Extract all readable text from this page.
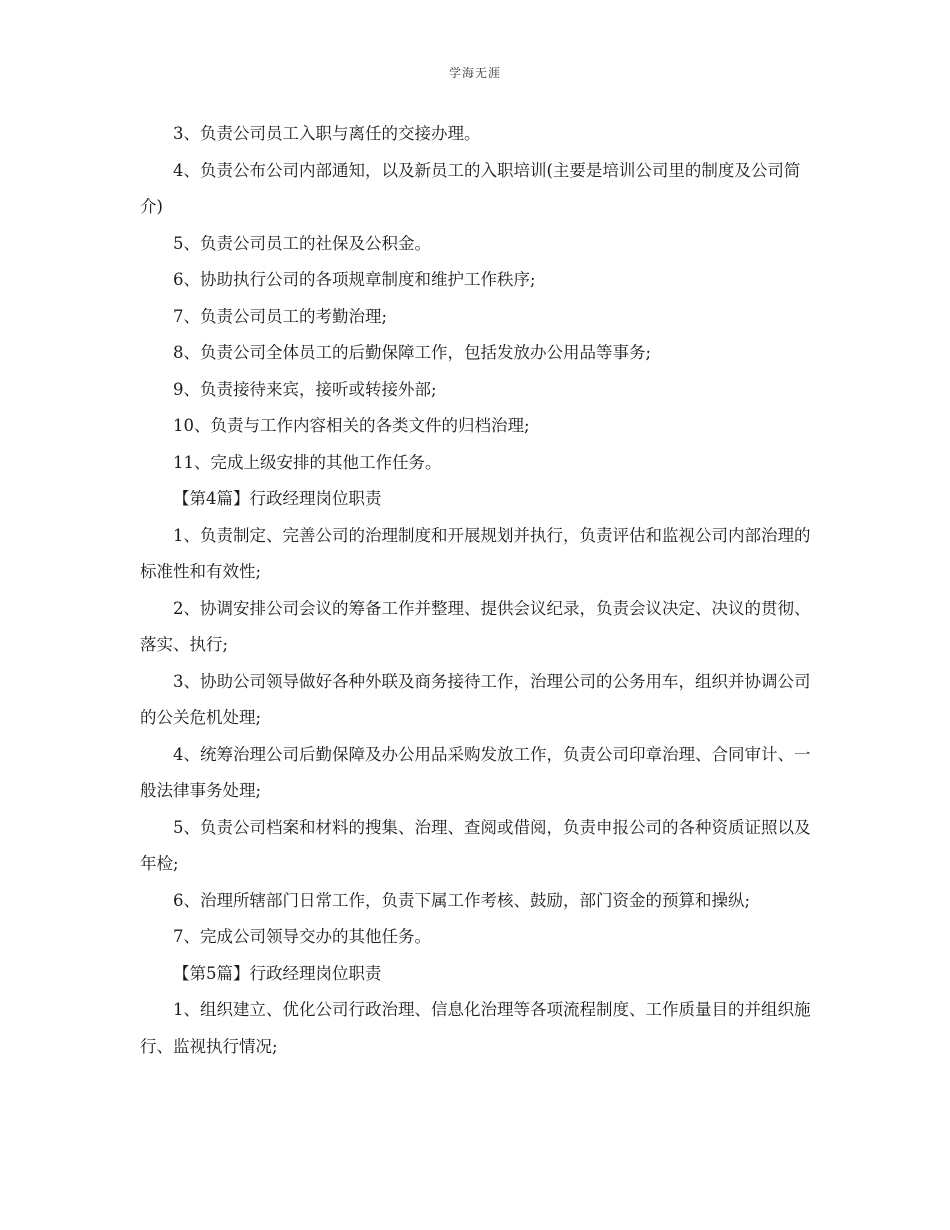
学海无涯

3、负责公司员工入职与离任的交接办理。

4、负责公布公司内部通知，以及新员工的入职培训(主要是培训公司里的制度及公司简介)

5、负责公司员工的社保及公积金。

6、协助执行公司的各项规章制度和维护工作秩序;

7、负责公司员工的考勤治理;

8、负责公司全体员工的后勤保障工作，包括发放办公用品等事务;

9、负责接待来宾，接听或转接外部;

10、负责与工作内容相关的各类文件的归档治理;

11、完成上级安排的其他工作任务。

【第4篇】行政经理岗位职责

1、负责制定、完善公司的治理制度和开展规划并执行，负责评估和监视公司内部治理的标准性和有效性;

2、协调安排公司会议的筹备工作并整理、提供会议纪录，负责会议决定、决议的贯彻、落实、执行;

3、协助公司领导做好各种外联及商务接待工作，治理公司的公务用车，组织并协调公司的公关危机处理;

4、统筹治理公司后勤保障及办公用品采购发放工作，负责公司印章治理、合同审计、一般法律事务处理;

5、负责公司档案和材料的搜集、治理、查阅或借阅，负责申报公司的各种资质证照以及年检;

6、治理所辖部门日常工作，负责下属工作考核、鼓励，部门资金的预算和操纵;

7、完成公司领导交办的其他任务。

【第5篇】行政经理岗位职责

1、组织建立、优化公司行政治理、信息化治理等各项流程制度、工作质量目的并组织施行、监视执行情况;
